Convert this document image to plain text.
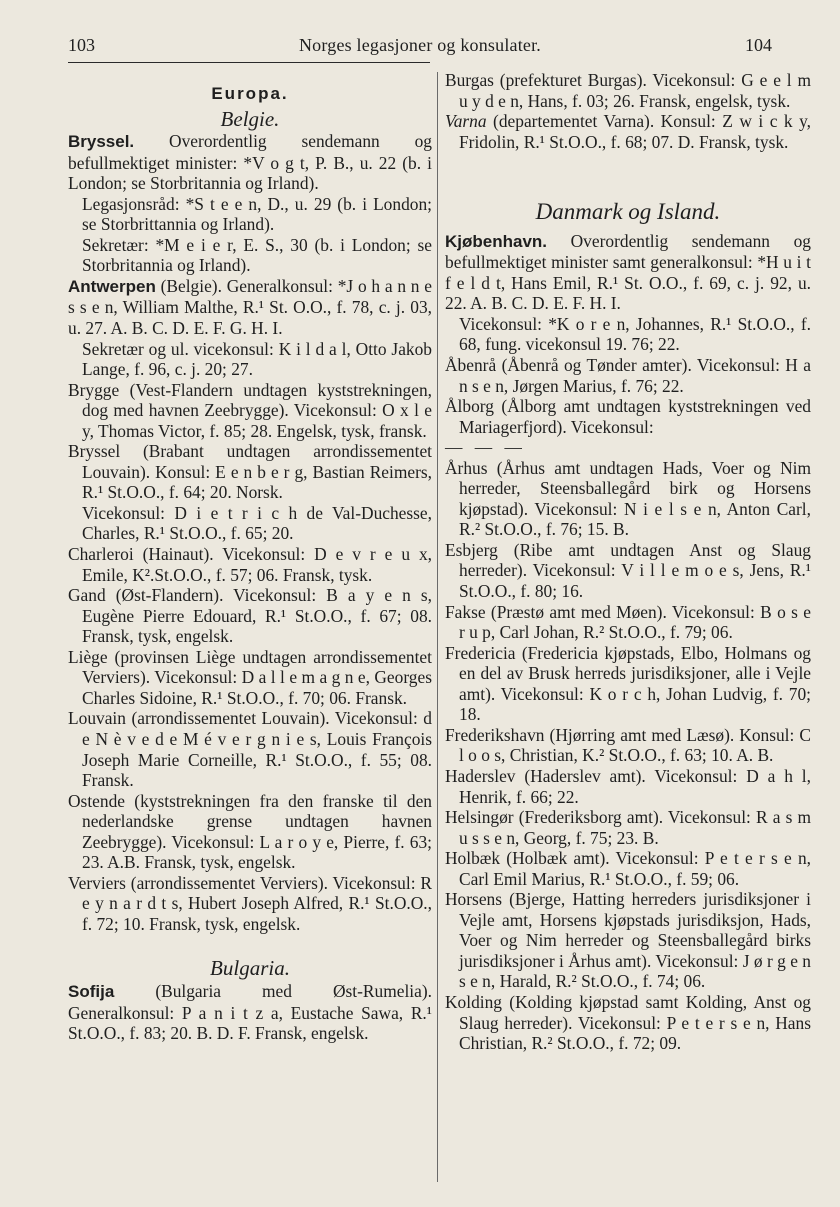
103	Norges legasjoner og konsulater.	104
Europa.
Belgie.

Bryssel. Overordentlig sendemann og befullmektiget minister: *V o g t, P. B., u. 22 (b. i London; se Storbritannia og Irland).

Legasjonsråd: *S t e e n, D., u. 29 (b. i London; se Storbrittannia og Irland).

Sekretær: *M e i e r, E. S., 30 (b. i London; se Storbritannia og Irland).

Antwerpen (Belgie). Generalkonsul: *J o h a n n e s s e n, William Malthe, R.¹ St. O.O., f. 78, c. j. 03, u. 27. A. B. C. D. E. F. G. H. I.

Sekretær og ul. vicekonsul: K i l d a l, Otto Jakob Lange, f. 96, c. j. 20; 27.

Brygge (Vest-Flandern undtagen kyststrekningen, dog med havnen Zeebrygge). Vicekonsul: O x l e y, Thomas Victor, f. 85; 28. Engelsk, tysk, fransk.

Bryssel (Brabant undtagen arrondissementet Louvain). Konsul: E e n b e r g, Bastian Reimers, R.¹ St.O.O., f. 64; 20. Norsk.

Vicekonsul: D i e t r i c h de Val-Duchesse, Charles, R.¹ St.O.O., f. 65; 20.

Charleroi (Hainaut). Vicekonsul: D e v r e u x, Emile, K².St.O.O., f. 57; 06. Fransk, tysk.

Gand (Øst-Flandern). Vicekonsul: B a y e n s, Eugène Pierre Edouard, R.¹ St.O.O., f. 67; 08. Fransk, tysk, engelsk.

Liège (provinsen Liège undtagen arrondissementet Verviers). Vicekonsul: D a l l e m a g n e, Georges Charles Sidoine, R.¹ St.O.O., f. 70; 06. Fransk.

Louvain (arrondissementet Louvain). Vicekonsul: d e N è v e d e M é v e r g n i e s, Louis François Joseph Marie Corneille, R.¹ St.O.O., f. 55; 08. Fransk.

Ostende (kyststrekningen fra den franske til den nederlandske grense undtagen havnen Zeebrygge). Vicekonsul: L a r o y e, Pierre, f. 63; 23. A.B. Fransk, tysk, engelsk.

Verviers (arrondissementet Verviers). Vicekonsul: R e y n a r d t s, Hubert Joseph Alfred, R.¹ St.O.O., f. 72; 10. Fransk, tysk, engelsk.

Bulgaria.

Sofija (Bulgaria med Øst-Rumelia). Generalkonsul: P a n i t z a, Eustache Sawa, R.¹ St.O.O., f. 83; 20. B. D. F. Fransk, engelsk.

Burgas (prefekturet Burgas). Vicekonsul: G e e l m u y d e n, Hans, f. 03; 26. Fransk, engelsk, tysk.

Varna (departementet Varna). Konsul: Z w i c k y, Fridolin, R.¹ St.O.O., f. 68; 07. D. Fransk, tysk.

Danmark og Island.

Kjøbenhavn. Overordentlig sendemann og befullmektiget minister samt generalkonsul: *H u i t f e l d t, Hans Emil, R.¹ St. O.O., f. 69, c. j. 92, u. 22. A. B. C. D. E. F. H. I.

Vicekonsul: *K o r e n, Johannes, R.¹ St.O.O., f. 68, fung. vicekonsul 19. 76; 22.

Åbenrå (Åbenrå og Tønder amter). Vicekonsul: H a n s e n, Jørgen Marius, f. 76; 22.

Ålborg (Ålborg amt undtagen kyststrekningen ved Mariagerfjord). Vicekonsul:

— — —

Århus (Århus amt undtagen Hads, Voer og Nim herreder, Steensballegård birk og Horsens kjøpstad). Vicekonsul: N i e l s e n, Anton Carl, R.² St.O.O., f. 76; 15. B.

Esbjerg (Ribe amt undtagen Anst og Slaug herreder). Vicekonsul: V i l l e m o e s, Jens, R.¹ St.O.O., f. 80; 16.

Fakse (Præstø amt med Møen). Vicekonsul: B o s e r u p, Carl Johan, R.² St.O.O., f. 79; 06.

Fredericia (Fredericia kjøpstads, Elbo, Holmans og en del av Brusk herreds jurisdiksjoner, alle i Vejle amt). Vicekonsul: K o r c h, Johan Ludvig, f. 70; 18.

Frederikshavn (Hjørring amt med Læsø). Konsul: C l o o s, Christian, K.² St.O.O., f. 63; 10. A. B.

Haderslev (Haderslev amt). Vicekonsul: D a h l, Henrik, f. 66; 22.

Helsingør (Frederiksborg amt). Vicekonsul: R a s m u s s e n, Georg, f. 75; 23. B.

Holbæk (Holbæk amt). Vicekonsul: P e t e r s e n, Carl Emil Marius, R.¹ St.O.O., f. 59; 06.

Horsens (Bjerge, Hatting herreders jurisdiksjoner i Vejle amt, Horsens kjøpstads jurisdiksjon, Hads, Voer og Nim herreder og Steensballegård birks jurisdiksjoner i Århus amt). Vicekonsul: J ø r g e n s e n, Harald, R.² St.O.O., f. 74; 06.

Kolding (Kolding kjøpstad samt Kolding, Anst og Slaug herreder). Vicekonsul: P e t e r s e n, Hans Christian, R.² St.O.O., f. 72; 09.
